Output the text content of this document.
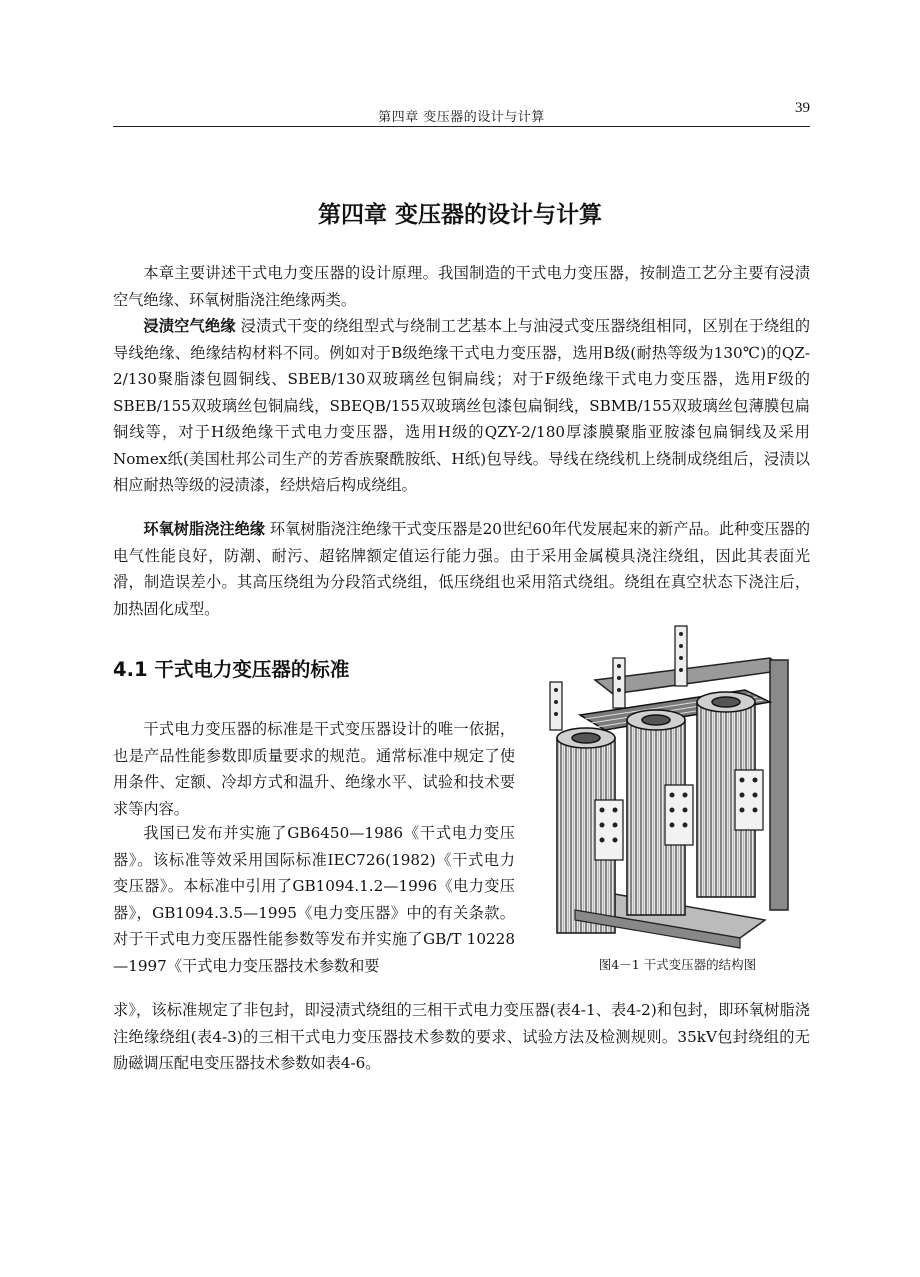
第四章 变压器的设计与计算
39
第四章 变压器的设计与计算

本章主要讲述干式电力变压器的设计原理。我国制造的干式电力变压器，按制造工艺分主要有浸渍空气绝缘、环氧树脂浇注绝缘两类。

浸渍空气绝缘 浸渍式干变的绕组型式与绕制工艺基本上与油浸式变压器绕组相同，区别在于绕组的导线绝缘、绝缘结构材料不同。例如对于B级绝缘干式电力变压器，选用B级(耐热等级为130℃)的QZ-2/130聚脂漆包圆铜线、SBEB/130双玻璃丝包铜扁线；对于F级绝缘干式电力变压器，选用F级的SBEB/155双玻璃丝包铜扁线，SBEQB/155双玻璃丝包漆包扁铜线，SBMB/155双玻璃丝包薄膜包扁铜线等，对于H级绝缘干式电力变压器，选用H级的QZY-2/180厚漆膜聚脂亚胺漆包扁铜线及采用Nomex纸(美国杜邦公司生产的芳香族聚酰胺纸、H纸)包导线。导线在绕线机上绕制成绕组后，浸渍以相应耐热等级的浸渍漆，经烘焙后构成绕组。

环氧树脂浇注绝缘 环氧树脂浇注绝缘干式变压器是20世纪60年代发展起来的新产品。此种变压器的电气性能良好，防潮、耐污、超铭牌额定值运行能力强。由于采用金属模具浇注绕组，因此其表面光滑，制造误差小。其高压绕组为分段箔式绕组，低压绕组也采用箔式绕组。绕组在真空状态下浇注后，加热固化成型。

4.1 干式电力变压器的标准

干式电力变压器的标准是干式变压器设计的唯一依据，也是产品性能参数即质量要求的规范。通常标准中规定了使用条件、定额、冷却方式和温升、绝缘水平、试验和技术要求等内容。

我国已发布并实施了GB6450—1986《干式电力变压器》。该标准等效采用国际标准IEC726(1982)《干式电力变压器》。本标准中引用了GB1094.1.2—1996《电力变压器》，GB1094.3.5—1995《电力变压器》中的有关条款。对于干式电力变压器性能参数等发布并实施了GB/T 10228—1997《干式电力变压器技术参数和要

求》，该标准规定了非包封，即浸渍式绕组的三相干式电力变压器(表4-1、表4-2)和包封，即环氧树脂浇注绝缘绕组(表4-3)的三相干式电力变压器技术参数的要求、试验方法及检测规则。35kV包封绕组的无励磁调压配电变压器技术参数如表4-6。

图4－1 干式变压器的结构图
